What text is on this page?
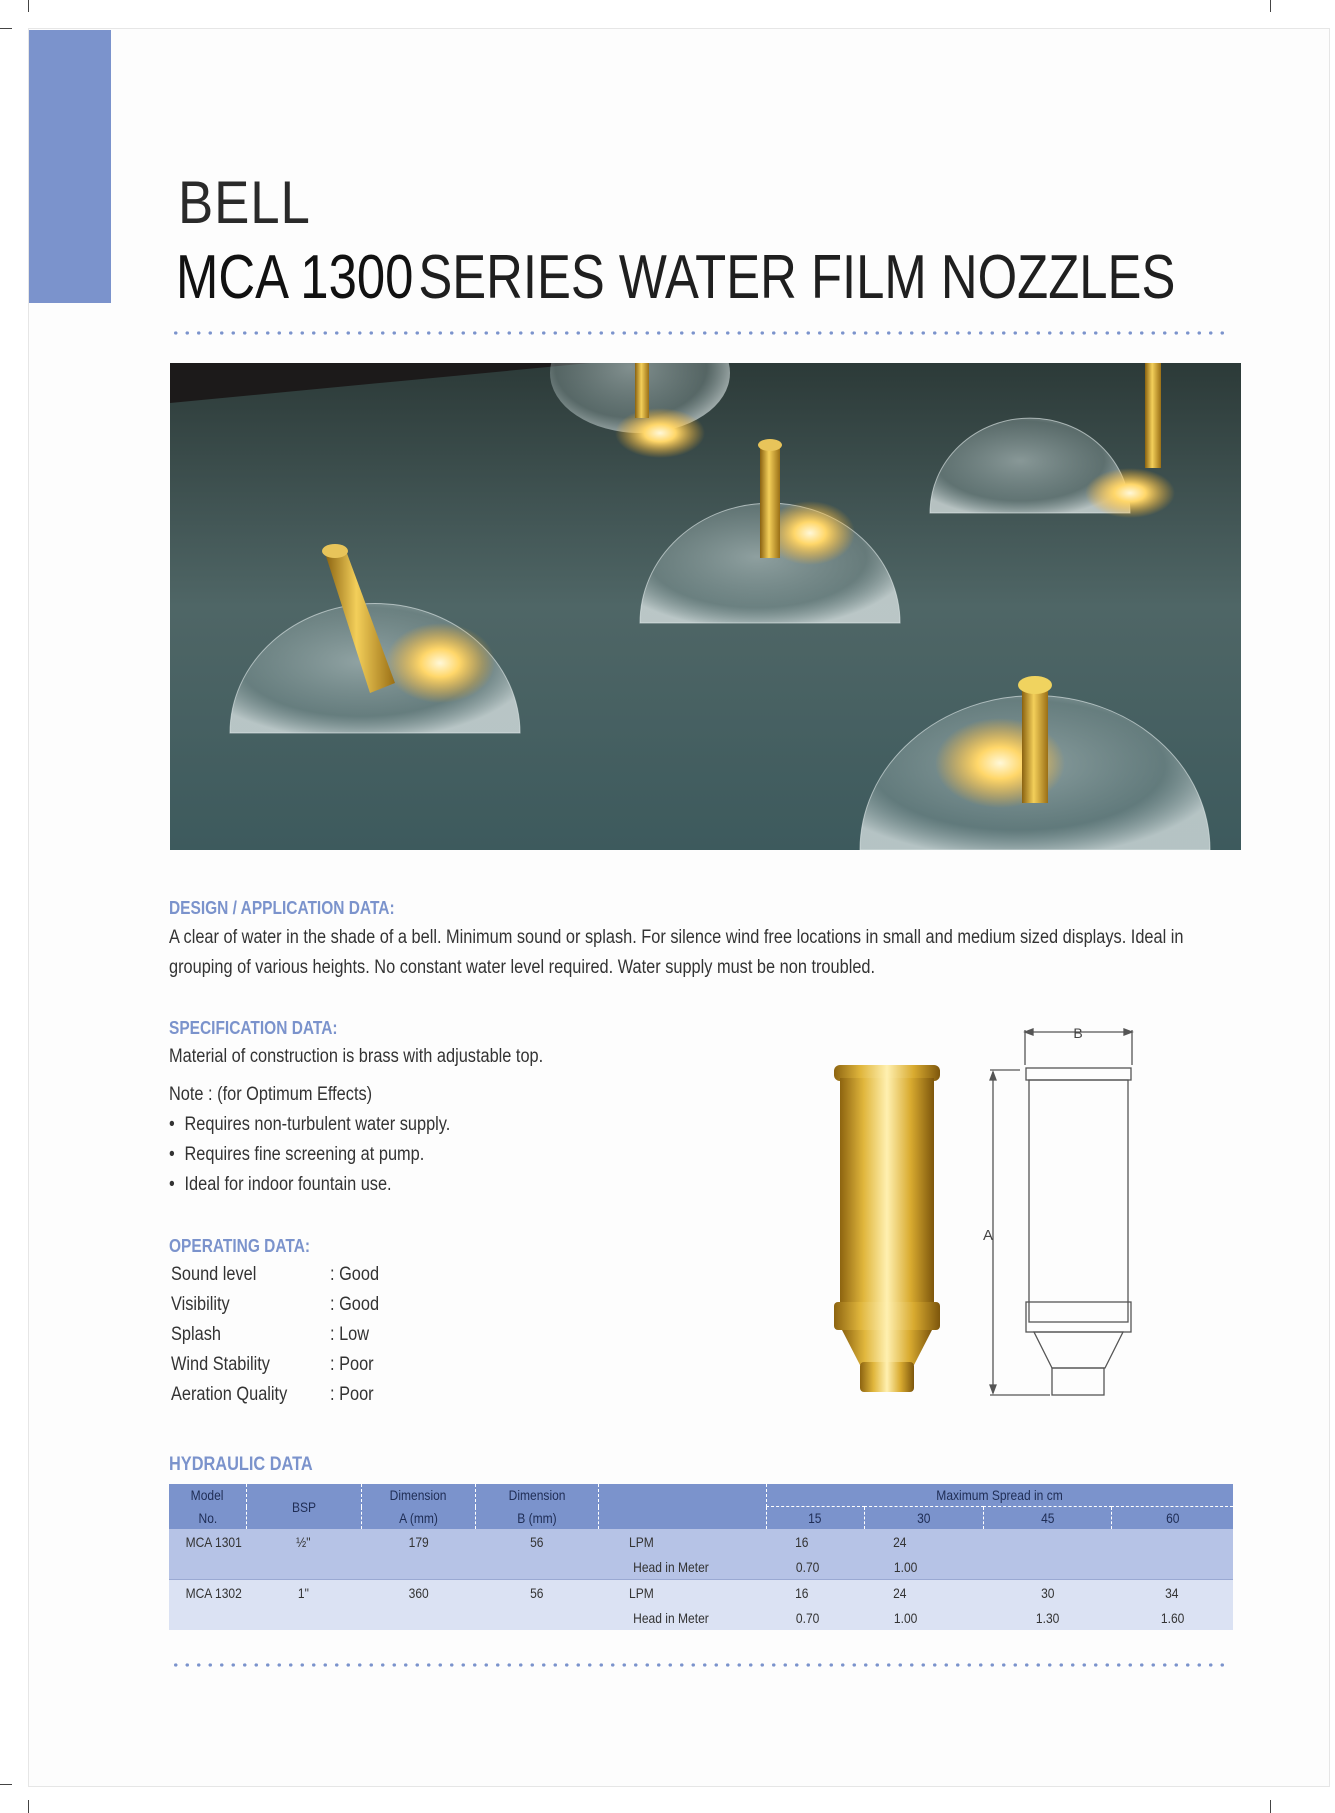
BELL
MCA 1300SERIES WATER FILM NOZZLES
DESIGN / APPLICATION DATA:
A clear of water in the shade of a bell. Minimum sound or splash. For silence wind free locations in small and medium sized displays. Ideal in grouping of various heights. No constant water level required. Water supply must be non troubled.
SPECIFICATION DATA:
Material of construction is brass with adjustable top.
Note : (for Optimum Effects)
• Requires non-turbulent water supply.
• Requires fine screening at pump.
• Ideal for indoor fountain use.
OPERATING DATA:
Sound level	: Good
Visibility	: Good
Splash	: Low
Wind Stability	: Poor
Aeration Quality : Poor
A
B
HYDRAULIC DATA
Model	BSP	Dimension	Dimension		Maximum Spread in cm			
No.		A (mm)	B (mm)		15	30	45	60
MCA 1301	½"	179	56	LPM	16	24		
				Head in Meter	0.70	1.00		
MCA 1302	1"	360	56	LPM	16	24	30	34
				Head in Meter	0.70	1.00	1.30	1.60
